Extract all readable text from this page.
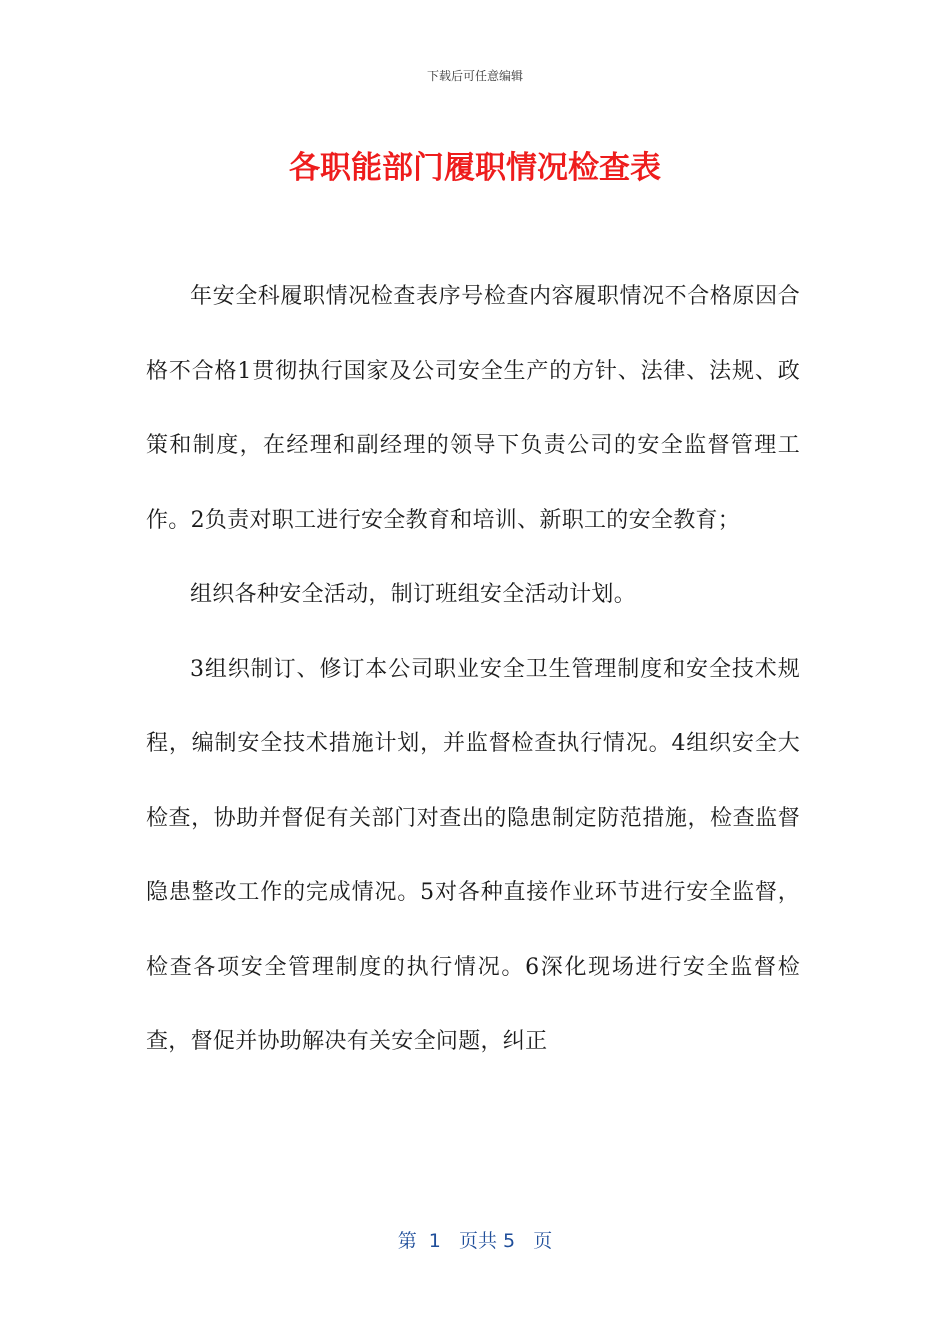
下载后可任意编辑
各职能部门履职情况检查表

年安全科履职情况检查表序号检查内容履职情况不合格原因合格不合格1贯彻执行国家及公司安全生产的方针、法律、法规、政策和制度，在经理和副经理的领导下负责公司的安全监督管理工作。2负责对职工进行安全教育和培训、新职工的安全教育；

组织各种安全活动，制订班组安全活动计划。

3组织制订、修订本公司职业安全卫生管理制度和安全技术规程，编制安全技术措施计划，并监督检查执行情况。4组织安全大检查，协助并督促有关部门对查出的隐患制定防范措施，检查监督隐患整改工作的完成情况。5对各种直接作业环节进行安全监督，检查各项安全管理制度的执行情况。6深化现场进行安全监督检查，督促并协助解决有关安全问题，纠正

第  1   页共 5   页
